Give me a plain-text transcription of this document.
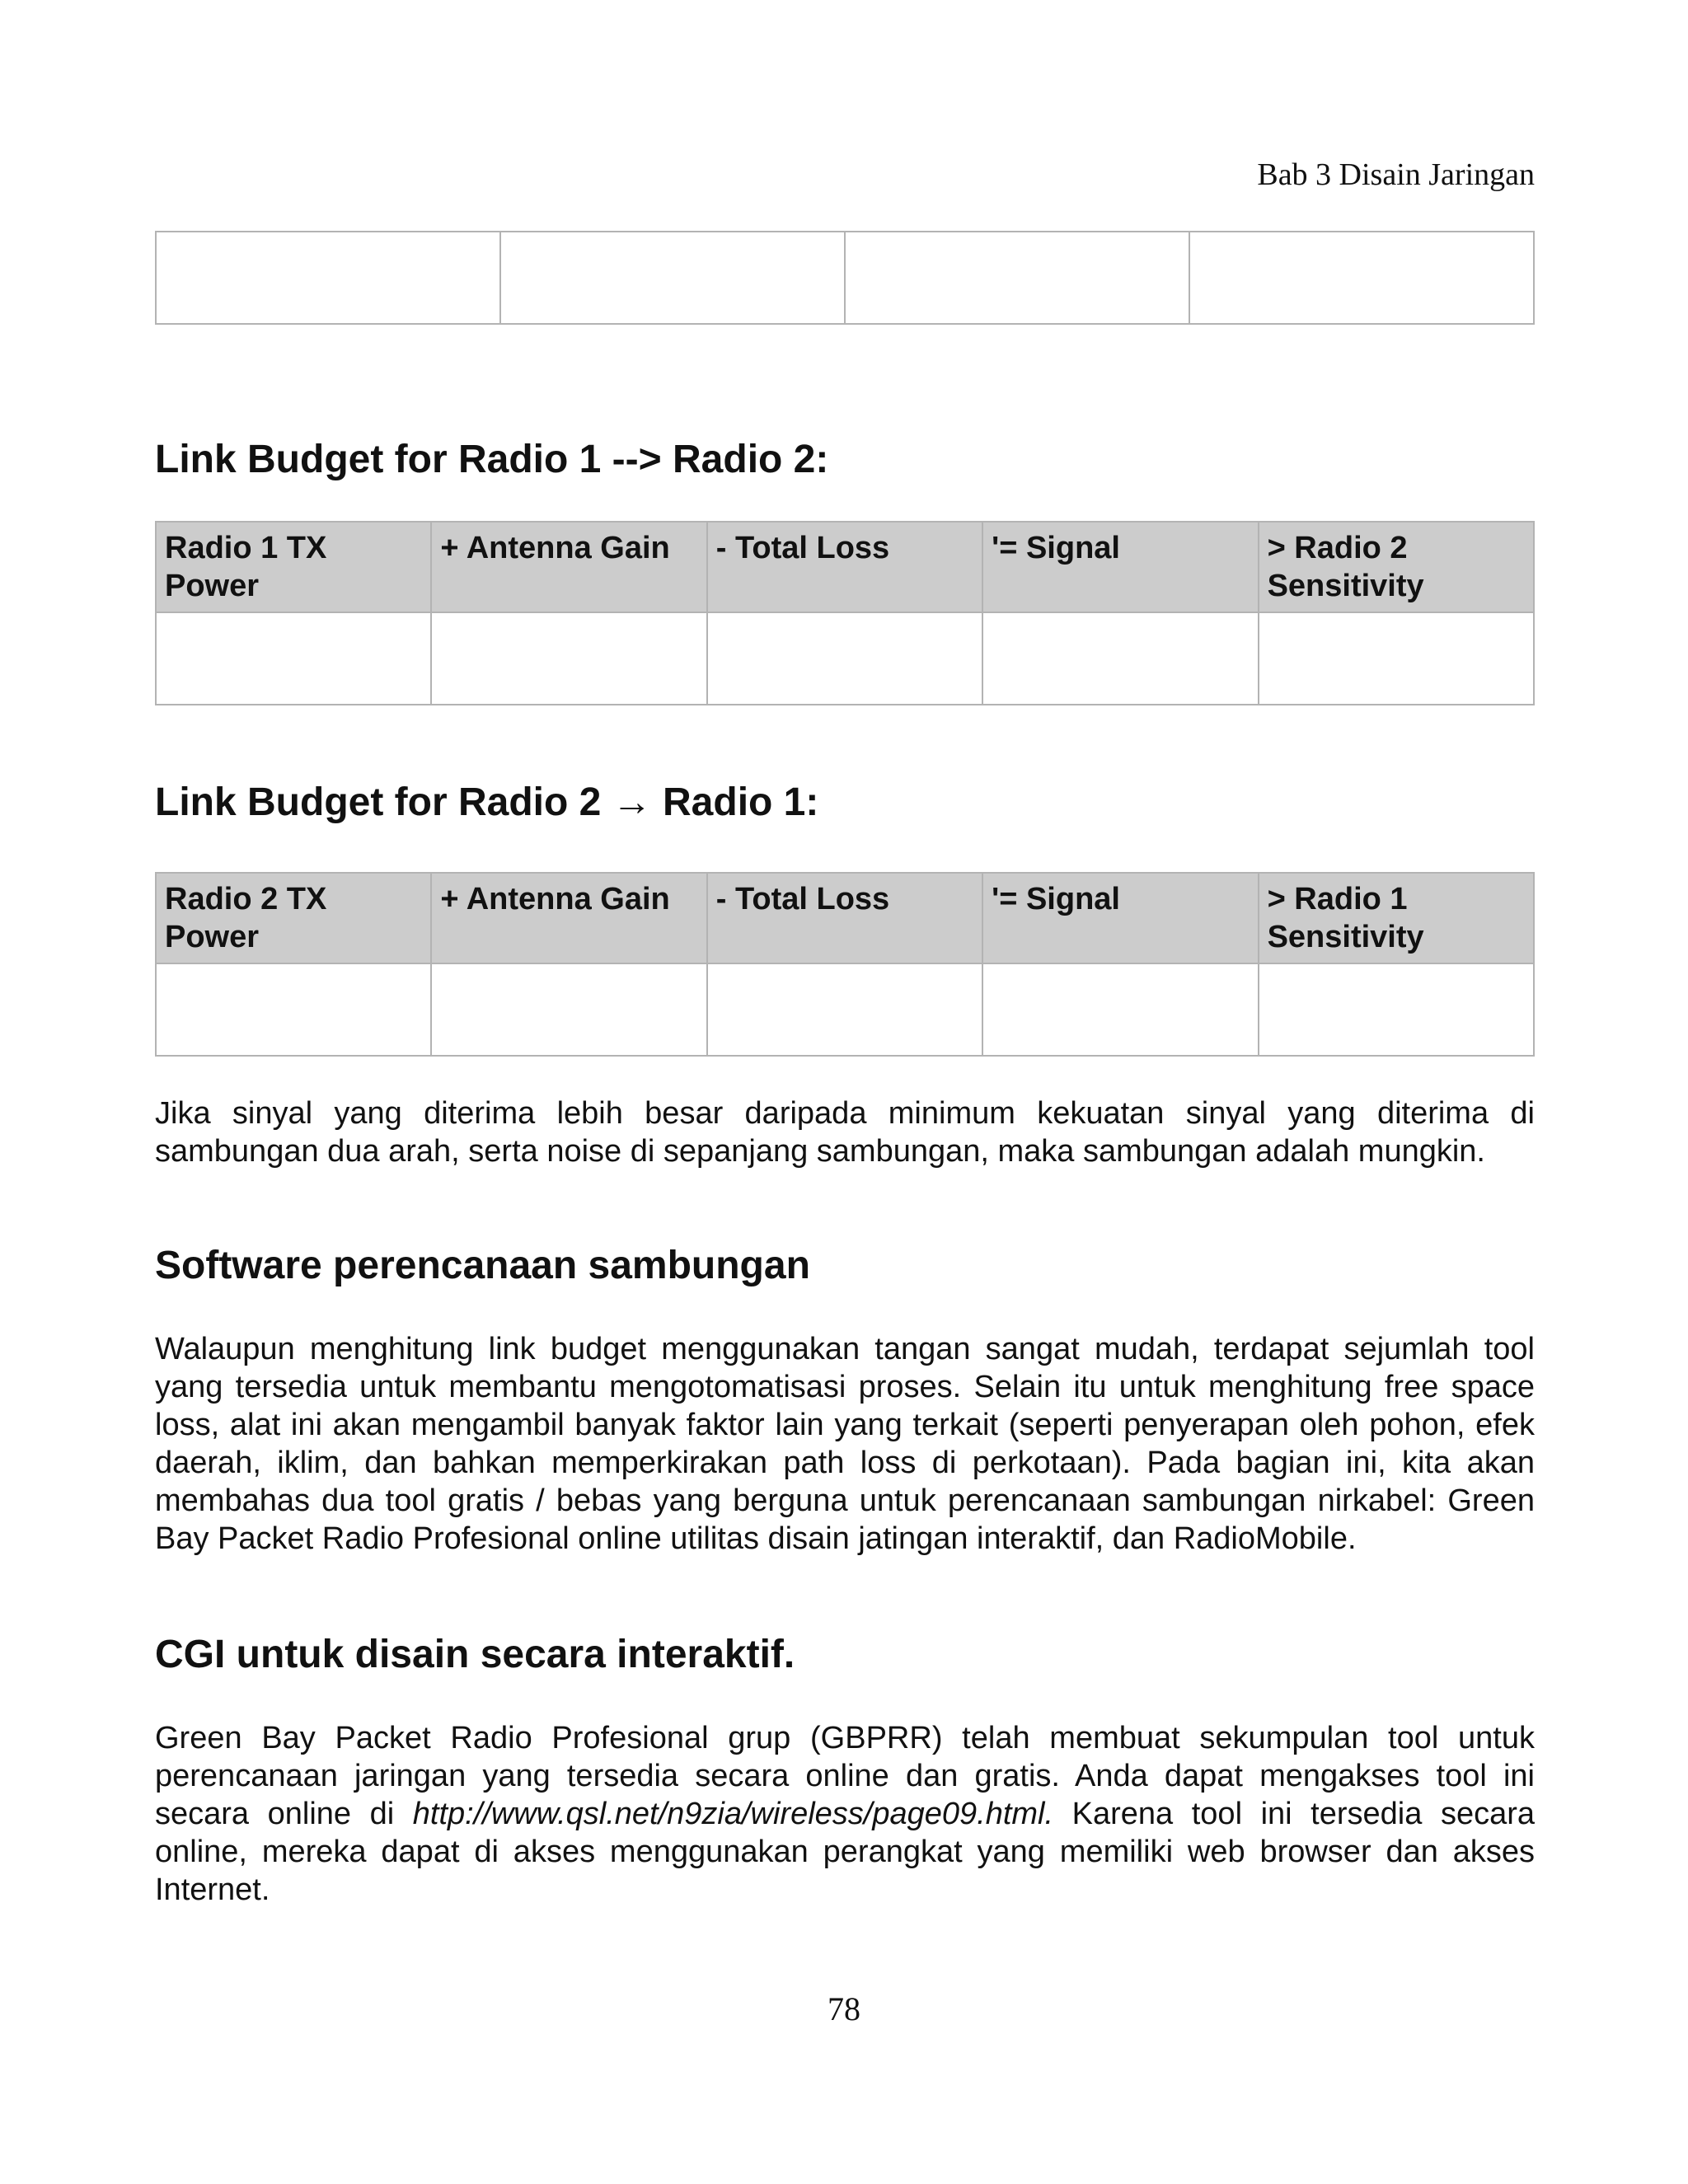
Bab 3 Disain Jaringan

Link Budget for Radio 1 --> Radio 2:
Radio 1 TX Power	+ Antenna Gain	- Total Loss	'= Signal	> Radio 2 Sensitivity

Link Budget for Radio 2 → Radio 1:
Radio 2 TX Power	+ Antenna Gain	- Total Loss	'= Signal	> Radio 1 Sensitivity

Jika sinyal yang diterima lebih besar daripada minimum kekuatan sinyal yang diterima di sambungan dua arah, serta noise di sepanjang sambungan, maka sambungan adalah mungkin.

Software perencanaan sambungan

Walaupun menghitung link budget menggunakan tangan sangat mudah, terdapat sejumlah tool yang tersedia untuk membantu mengotomatisasi proses. Selain itu untuk menghitung free space loss, alat ini akan mengambil banyak faktor lain yang terkait (seperti penyerapan oleh pohon, efek daerah, iklim, dan bahkan memperkirakan path loss di perkotaan). Pada bagian ini, kita akan membahas dua tool gratis / bebas yang berguna untuk perencanaan sambungan nirkabel: Green Bay Packet Radio Profesional online utilitas disain jatingan interaktif, dan RadioMobile.

CGI untuk disain secara interaktif.

Green Bay Packet Radio Profesional grup (GBPRR) telah membuat sekumpulan tool untuk perencanaan jaringan yang tersedia secara online dan gratis. Anda dapat mengakses tool ini secara online di http://www.qsl.net/n9zia/wireless/page09.html. Karena tool ini tersedia secara online, mereka dapat di akses menggunakan perangkat yang memiliki web browser dan akses Internet.

78
